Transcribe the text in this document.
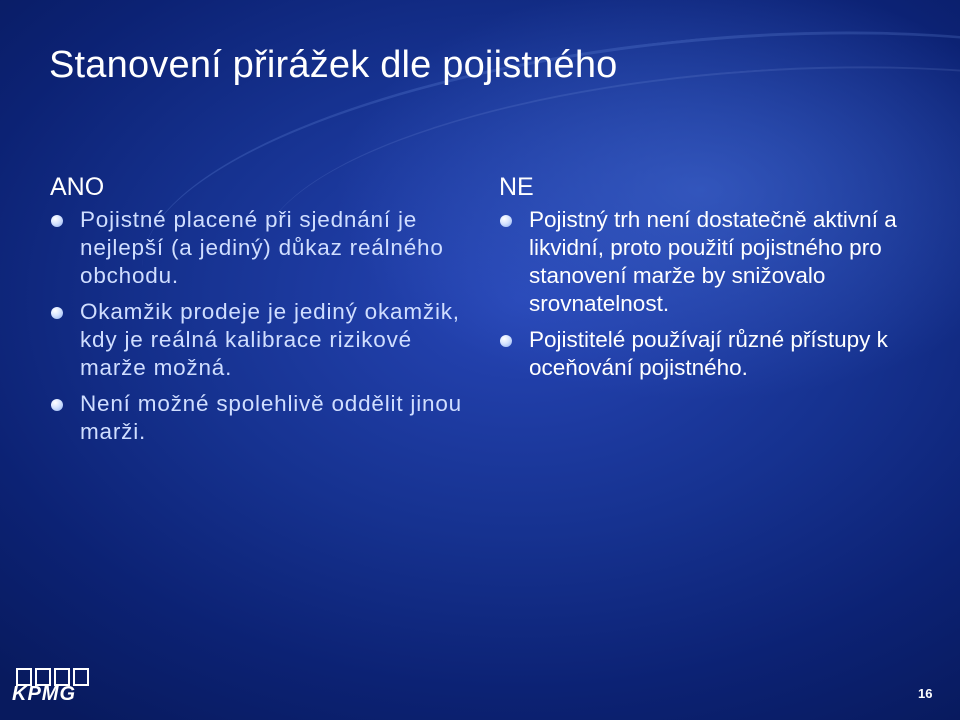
Stanovení přirážek dle pojistného
ANO
Pojistné placené při sjednání je nejlepší (a jediný) důkaz reálného obchodu.
Okamžik prodeje je jediný okamžik, kdy je reálná kalibrace rizikové marže možná.
Není možné spolehlivě oddělit jinou marži.
NE
Pojistný trh není dostatečně aktivní a likvidní, proto použití pojistného pro stanovení marže by snižovalo srovnatelnost.
Pojistitelé používají různé přístupy k oceňování pojistného.
KPMG	16
